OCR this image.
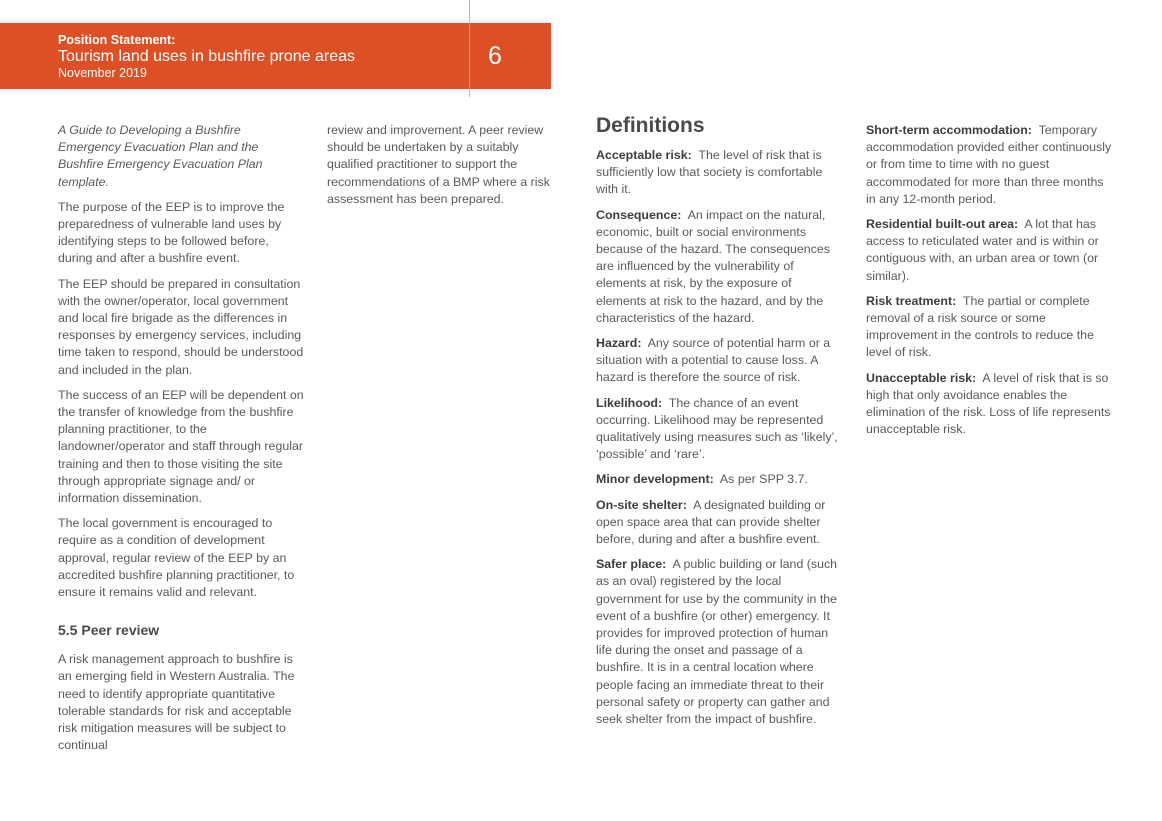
Position Statement:
Tourism land uses in bushfire prone areas
November 2019
6

A Guide to Developing a Bushfire Emergency Evacuation Plan and the Bushfire Emergency Evacuation Plan template.

The purpose of the EEP is to improve the preparedness of vulnerable land uses by identifying steps to be followed before, during and after a bushfire event.

The EEP should be prepared in consultation with the owner/operator, local government and local fire brigade as the differences in responses by emergency services, including time taken to respond, should be understood and included in the plan.

The success of an EEP will be dependent on the transfer of knowledge from the bushfire planning practitioner, to the landowner/operator and staff through regular training and then to those visiting the site through appropriate signage and/ or information dissemination.

The local government is encouraged to require as a condition of development approval, regular review of the EEP by an accredited bushfire planning practitioner, to ensure it remains valid and relevant.

5.5 Peer review

A risk management approach to bushfire is an emerging field in Western Australia. The need to identify appropriate quantitative tolerable standards for risk and acceptable risk mitigation measures will be subject to continual

review and improvement. A peer review should be undertaken by a suitably qualified practitioner to support the recommendations of a BMP where a risk assessment has been prepared.

Definitions

Acceptable risk: The level of risk that is sufficiently low that society is comfortable with it.

Consequence: An impact on the natural, economic, built or social environments because of the hazard. The consequences are influenced by the vulnerability of elements at risk, by the exposure of elements at risk to the hazard, and by the characteristics of the hazard.

Hazard: Any source of potential harm or a situation with a potential to cause loss. A hazard is therefore the source of risk.

Likelihood: The chance of an event occurring. Likelihood may be represented qualitatively using measures such as ‘likely’, ‘possible’ and ‘rare’.

Minor development: As per SPP 3.7.

On-site shelter: A designated building or open space area that can provide shelter before, during and after a bushfire event.

Safer place: A public building or land (such as an oval) registered by the local government for use by the community in the event of a bushfire (or other) emergency. It provides for improved protection of human life during the onset and passage of a bushfire. It is in a central location where people facing an immediate threat to their personal safety or property can gather and seek shelter from the impact of bushfire.

Short-term accommodation: Temporary accommodation provided either continuously or from time to time with no guest accommodated for more than three months in any 12-month period.

Residential built-out area: A lot that has access to reticulated water and is within or contiguous with, an urban area or town (or similar).

Risk treatment: The partial or complete removal of a risk source or some improvement in the controls to reduce the level of risk.

Unacceptable risk: A level of risk that is so high that only avoidance enables the elimination of the risk. Loss of life represents unacceptable risk.
